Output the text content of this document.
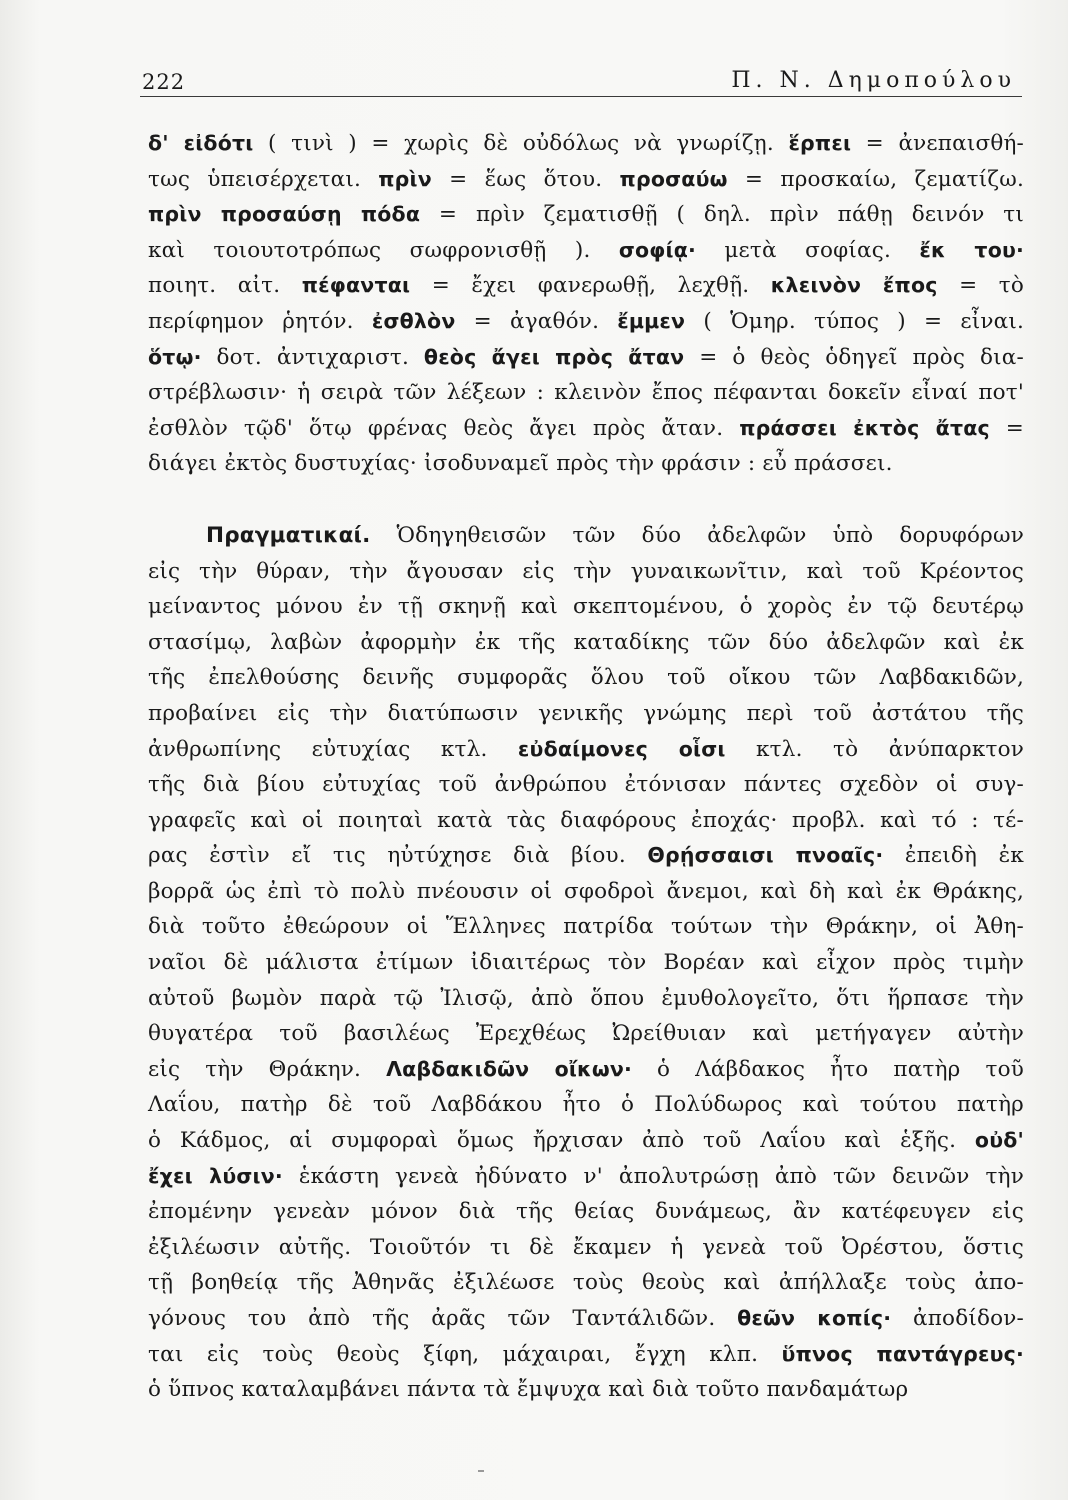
222	Π. Ν. Δημοπούλου
δ' εἰδότι ( τινὶ ) = χωρὶς δὲ οὐδόλως νὰ γνωρίζῃ. ἕρπει = ἀνεπαισθή-
τως ὑπεισέρχεται. πρὶν = ἕως ὅτου. προσαύω = προσκαίω, ζεματίζω.
πρὶν προσαύσῃ πόδα = πρὶν ζεματισθῇ ( δηλ. πρὶν πάθῃ δεινόν τι
καὶ τοιουτοτρόπως σωφρονισθῇ ). σοφίᾳ· μετὰ σοφίας. ἔκ του·
ποιητ. αἰτ. πέφανται = ἔχει φανερωθῇ, λεχθῇ. κλεινὸν ἔπος = τὸ
περίφημον ῥητόν. ἐσθλὸν = ἀγαθόν. ἔμμεν ( Ὁμηρ. τύπος ) = εἶναι.
ὅτῳ· δοτ. ἀντιχαριστ. θεὸς ἄγει πρὸς ἄταν = ὁ θεὸς ὁδηγεῖ πρὸς δια-
στρέβλωσιν· ἡ σειρὰ τῶν λέξεων : κλεινὸν ἔπος πέφανται δοκεῖν εἶναί ποτ'
ἐσθλὸν τῷδ' ὅτῳ φρένας θεὸς ἄγει πρὸς ἄταν. πράσσει ἐκτὸς ἄτας =
διάγει ἐκτὸς δυστυχίας· ἰσοδυναμεῖ πρὸς τὴν φράσιν : εὖ πράσσει.
Πραγματικαί. Ὁδηγηθεισῶν τῶν δύο ἀδελφῶν ὑπὸ δορυφόρων
εἰς τὴν θύραν, τὴν ἄγουσαν εἰς τὴν γυναικωνῖτιν, καὶ τοῦ Κρέοντος
μείναντος μόνου ἐν τῇ σκηνῇ καὶ σκεπτομένου, ὁ χορὸς ἐν τῷ δευτέρῳ
στασίμῳ, λαβὼν ἀφορμὴν ἐκ τῆς καταδίκης τῶν δύο ἀδελφῶν καὶ ἐκ
τῆς ἐπελθούσης δεινῆς συμφορᾶς ὅλου τοῦ οἴκου τῶν Λαβδακιδῶν,
προβαίνει εἰς τὴν διατύπωσιν γενικῆς γνώμης περὶ τοῦ ἀστάτου τῆς
ἀνθρωπίνης εὐτυχίας κτλ. εὐδαίμονες οἷσι κτλ. τὸ ἀνύπαρκτον
τῆς διὰ βίου εὐτυχίας τοῦ ἀνθρώπου ἐτόνισαν πάντες σχεδὸν οἱ συγ-
γραφεῖς καὶ οἱ ποιηταὶ κατὰ τὰς διαφόρους ἐποχάς· προβλ. καὶ τό : τέ-
ρας ἐστὶν εἴ τις ηὐτύχησε διὰ βίου. Θρῄσσαισι πνοαῖς· ἐπειδὴ ἐκ
βορρᾶ ὡς ἐπὶ τὸ πολὺ πνέουσιν οἱ σφοδροὶ ἄνεμοι, καὶ δὴ καὶ ἐκ Θράκης,
διὰ τοῦτο ἐθεώρουν οἱ Ἕλληνες πατρίδα τούτων τὴν Θράκην, οἱ Ἀθη-
ναῖοι δὲ μάλιστα ἐτίμων ἰδιαιτέρως τὸν Βορέαν καὶ εἶχον πρὸς τιμὴν
αὐτοῦ βωμὸν παρὰ τῷ Ἰλισῷ, ἀπὸ ὅπου ἐμυθολογεῖτο, ὅτι ἥρπασε τὴν
θυγατέρα τοῦ βασιλέως Ἐρεχθέως Ὠρείθυιαν καὶ μετήγαγεν αὐτὴν
εἰς τὴν Θράκην. Λαβδακιδῶν οἴκων· ὁ Λάβδακος ἦτο πατὴρ τοῦ
Λαΐου, πατὴρ δὲ τοῦ Λαβδάκου ἦτο ὁ Πολύδωρος καὶ τούτου πατὴρ
ὁ Κάδμος, αἱ συμφοραὶ ὅμως ἤρχισαν ἀπὸ τοῦ Λαΐου καὶ ἑξῆς. οὐδ'
ἔχει λύσιν· ἑκάστη γενεὰ ἠδύνατο ν' ἀπολυτρώσῃ ἀπὸ τῶν δεινῶν τὴν
ἐπομένην γενεὰν μόνον διὰ τῆς θείας δυνάμεως, ἂν κατέφευγεν εἰς
ἐξιλέωσιν αὐτῆς. Τοιοῦτόν τι δὲ ἔκαμεν ἡ γενεὰ τοῦ Ὀρέστου, ὅστις
τῇ βοηθείᾳ τῆς Ἀθηνᾶς ἐξιλέωσε τοὺς θεοὺς καὶ ἀπήλλαξε τοὺς ἀπο-
γόνους του ἀπὸ τῆς ἀρᾶς τῶν Ταντάλιδῶν. θεῶν κοπίς· ἀποδίδον-
ται εἰς τοὺς θεοὺς ξίφη, μάχαιραι, ἔγχη κλπ. ὕπνος παντάγρευς·
ὁ ὕπνος καταλαμβάνει πάντα τὰ ἔμψυχα καὶ διὰ τοῦτο πανδαμάτωρ
